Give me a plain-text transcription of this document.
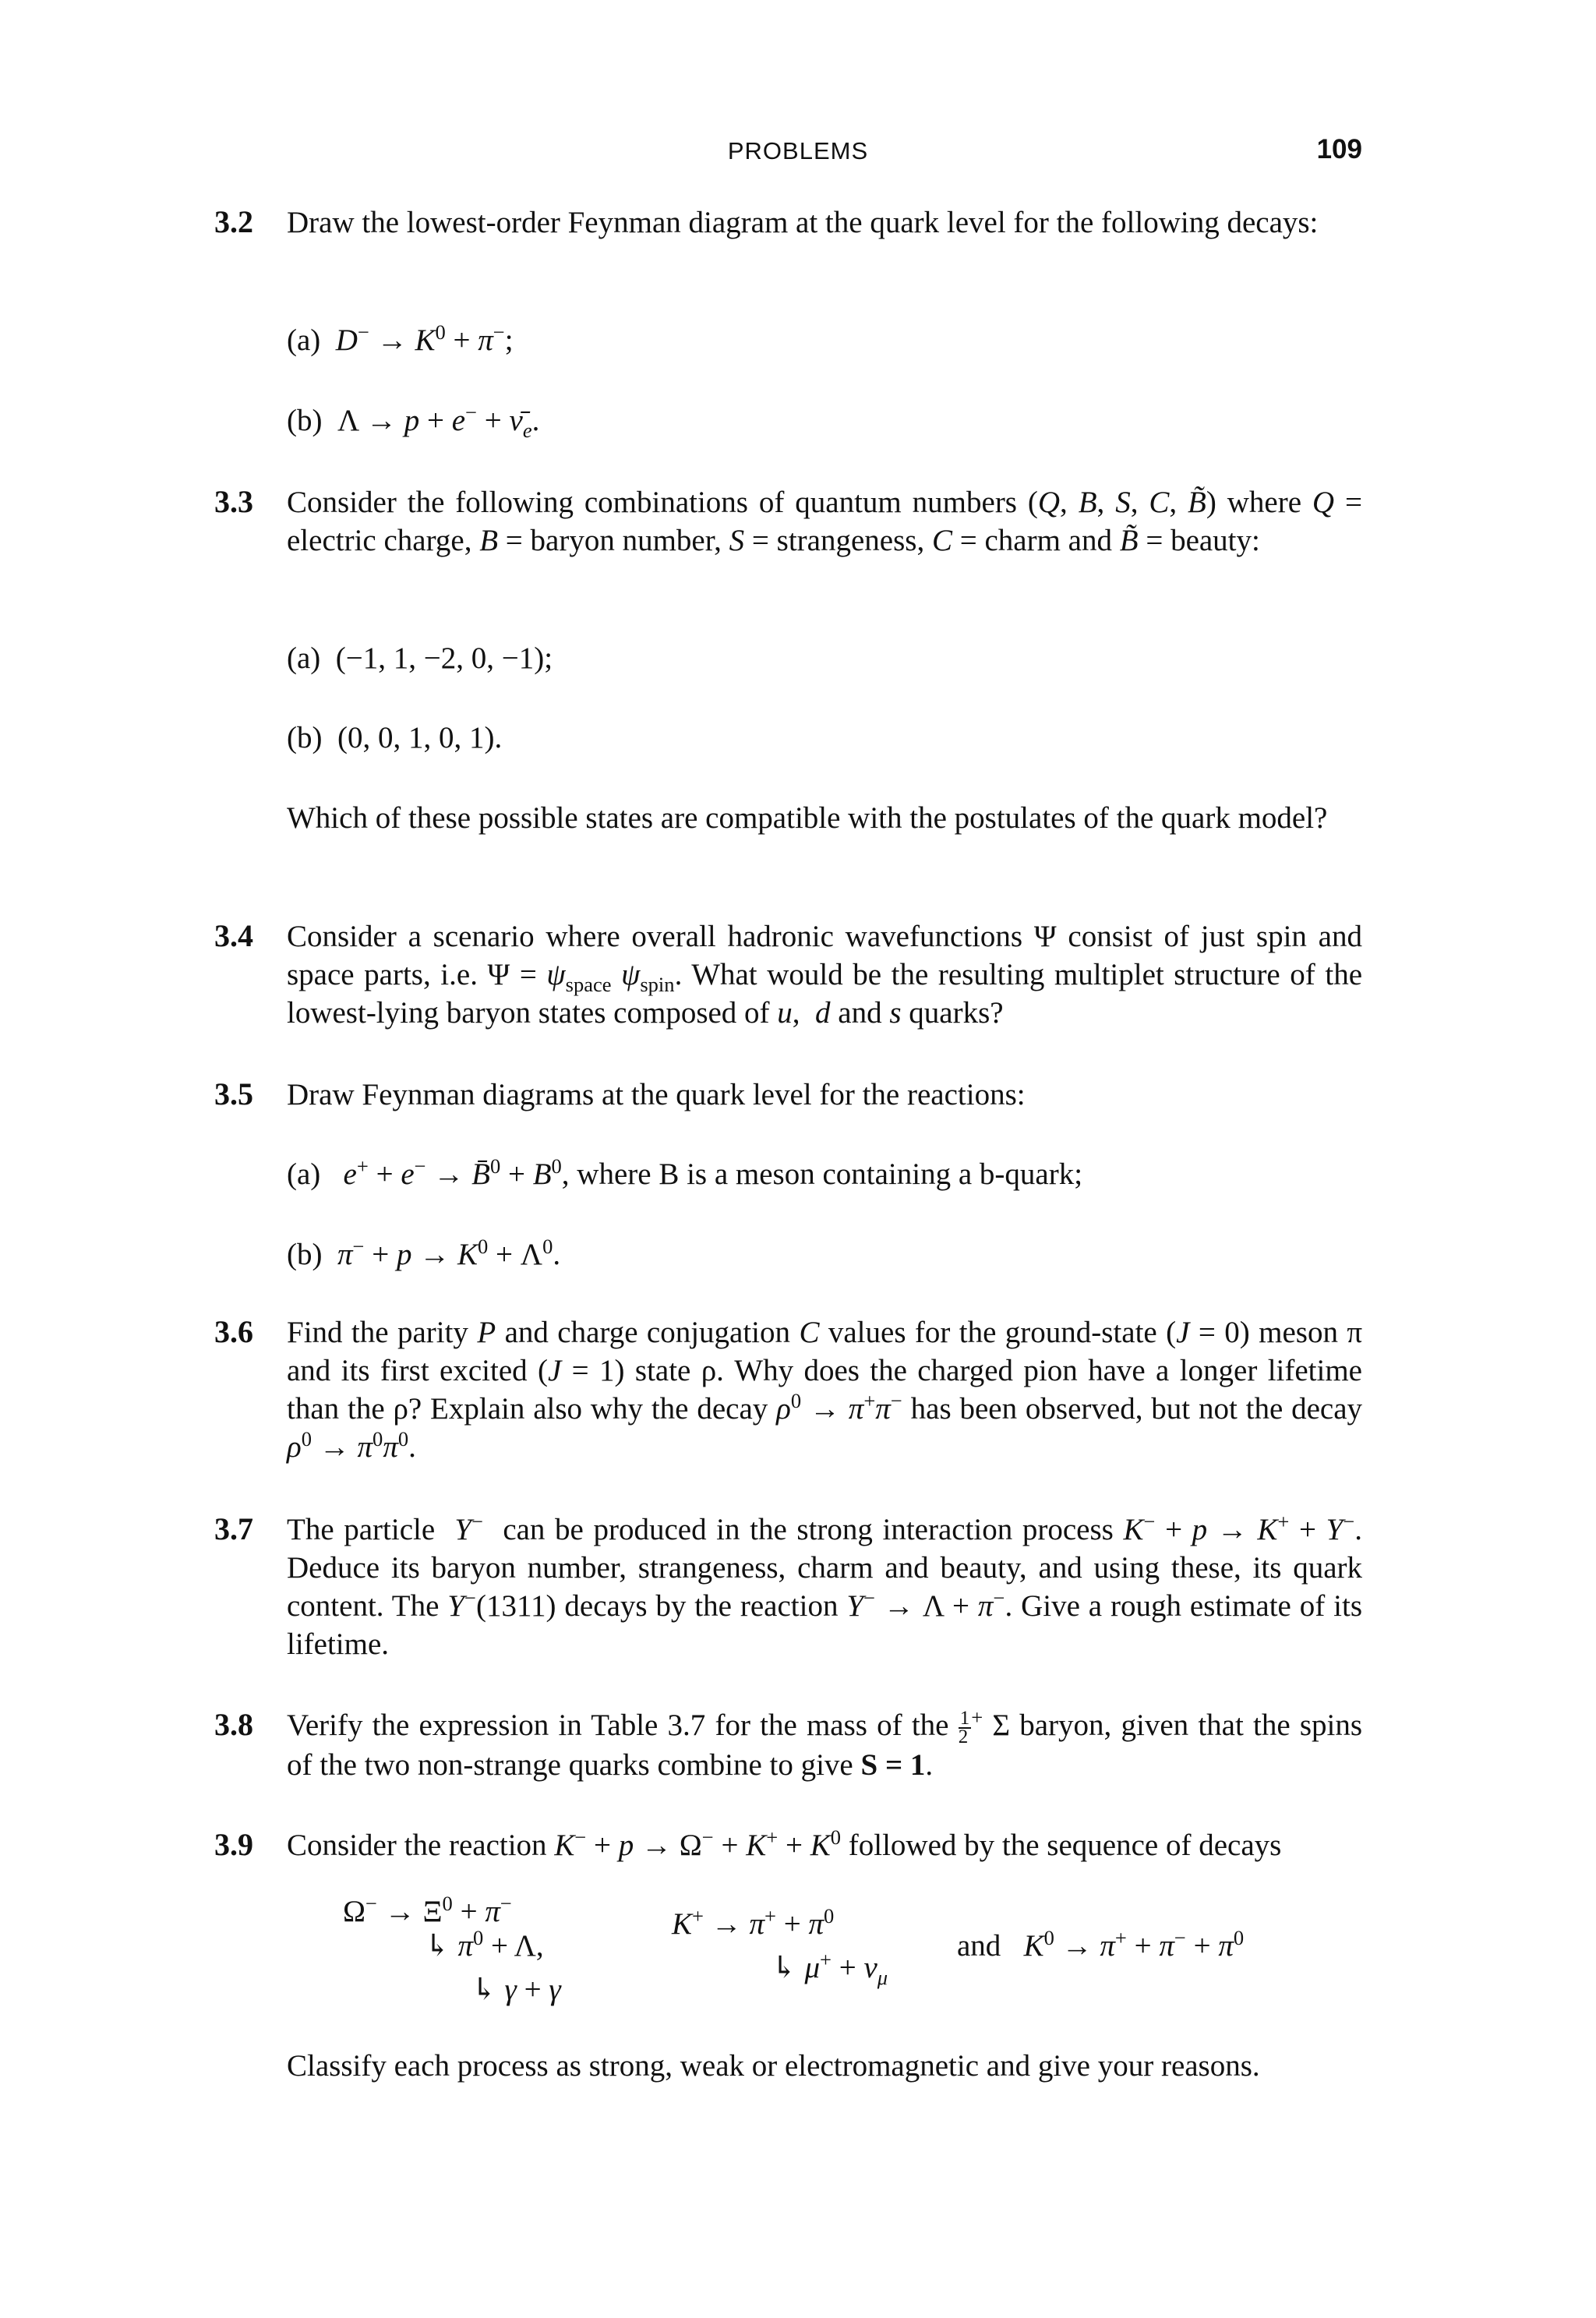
PROBLEMS	109
3.2 Draw the lowest-order Feynman diagram at the quark level for the following decays:
(a) $D^- \to K^0 + \pi^-$;
(b)  $\Lambda \to p + e^- + \nū_e$.
3.3 Consider the following combinations of quantum numbers (Q, B, S, C, B̃) where Q = electric charge, B = baryon number, S = strangeness, C = charm and B̃ = beauty:
(a) (−1, 1, −2, 0, −1);
(b) (0, 0, 1, 0, 1).
Which of these possible states are compatible with the postulates of the quark model?
3.4 Consider a scenario where overall hadronic wavefunctions Ψ consist of just spin and space parts, i.e. $\Psi = \psi_{space}$ $\psi_{spin}$. What would be the resulting multiplet structure of the lowest-lying baryon states composed of u,  d and s quarks?
3.5 Draw Feynman diagrams at the quark level for the reactions:
(a) e+ + e− → B̄$^0$ + $B^0$, where B is a meson containing a b-quark;
(b) $\pi^- + p \to K^0 + \Lambda^0$.
3.6 Find the parity P and charge conjugation C values for the ground-state (J = 0) meson π and its first excited (J = 1) state ρ. Why does the charged pion have a longer lifetime than the ρ? Explain also why the decay $\rho^0 \to \pi^+\pi^-$ has been observed, but not the decay $\rho^0 \to \pi^0\pi^0$.
3.7 The particle Y− can be produced in the strong interaction process K− + p → K+ + Y−. Deduce its baryon number, strangeness, charm and beauty, and using these, its quark content. The Y−(1311) decays by the reaction Y− → Λ + π−. Give a rough estimate of its lifetime.
3.8 Verify the expression in Table 3.7 for the mass of the $\frac{1}{2} ^+$ Σ baryon, given that the spins of the two non-strange quarks combine to give S = 1.
3.9 Consider the reaction $K^- + p \to \Omega^- + K^+ + K^0$ followed by the sequence of decays
$\Omega^- \to \Xi^0 + \pi^-$
↳ $\pi^0 + \Lambda$,
↳ γ + γ
$K^+ \to \pi^+ + \pi^0$
↳ $\mu^+ + \nu_\mu$
and $K^0 \to \pi^+ + \pi^- + \pi^0$
Classify each process as strong, weak or electromagnetic and give your reasons.
